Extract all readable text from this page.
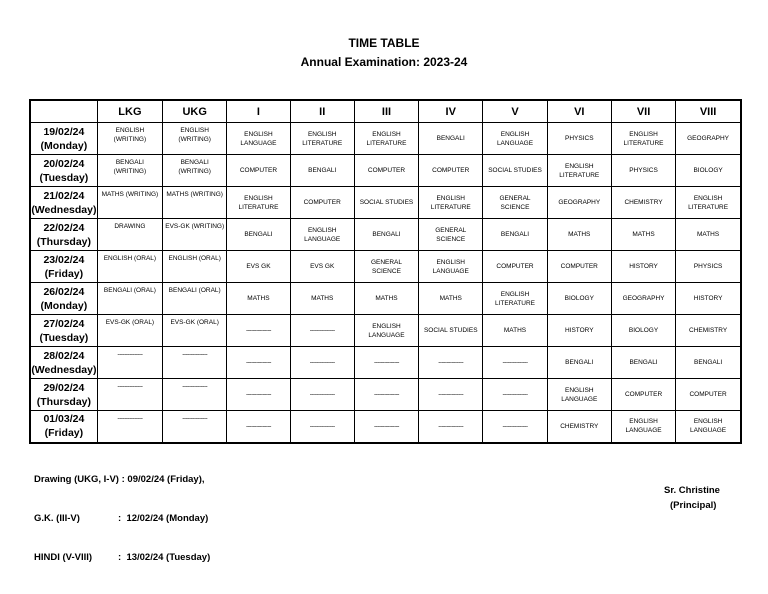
TIME TABLE
Annual Examination: 2023-24
	LKG	UKG	I	II	III	IV	V	VI	VII	VIII

19/02/24
(Monday)	ENGLISH (WRITING)	ENGLISH (WRITING)	ENGLISH LANGUAGE	ENGLISH LITERATURE	ENGLISH LITERATURE	BENGALI	ENGLISH LANGUAGE	PHYSICS	ENGLISH LITERATURE	GEOGRAPHY

20/02/24
(Tuesday)	BENGALI (WRITING)	BENGALI (WRITING)	COMPUTER	BENGALI	COMPUTER	COMPUTER	SOCIAL STUDIES	ENGLISH LITERATURE	PHYSICS	BIOLOGY

21/02/24
(Wednesday)	MATHS (WRITING)	MATHS (WRITING)	ENGLISH LITERATURE	COMPUTER	SOCIAL STUDIES	ENGLISH LITERATURE	GENERAL SCIENCE	GEOGRAPHY	CHEMISTRY	ENGLISH LITERATURE

22/02/24
(Thursday)	DRAWING	EVS-GK (WRITING)	BENGALI	ENGLISH LANGUAGE	BENGALI	GENERAL SCIENCE	BENGALI	MATHS	MATHS	MATHS

23/02/24
(Friday)	ENGLISH (ORAL)	ENGLISH (ORAL)	EVS GK	EVS GK	GENERAL SCIENCE	ENGLISH LANGUAGE	COMPUTER	COMPUTER	HISTORY	PHYSICS

26/02/24
(Monday)	BENGALI (ORAL)	BENGALI (ORAL)	MATHS	MATHS	MATHS	MATHS	ENGLISH LITERATURE	BIOLOGY	GEOGRAPHY	HISTORY

27/02/24
(Tuesday)	EVS-GK (ORAL)	EVS-GK (ORAL)	---------------	---------------	ENGLISH LANGUAGE	SOCIAL STUDIES	MATHS	HISTORY	BIOLOGY	CHEMISTRY

28/02/24
(Wednesday)	---------------	---------------	---------------	---------------	---------------	---------------	---------------	BENGALI	BENGALI	BENGALI

29/02/24
(Thursday)	---------------	---------------	---------------	---------------	---------------	---------------	---------------	ENGLISH LANGUAGE	COMPUTER	COMPUTER

01/03/24
(Friday)	---------------	---------------	---------------	---------------	---------------	---------------	---------------	CHEMISTRY	ENGLISH LANGUAGE	ENGLISH LANGUAGE

Drawing (UKG, I-V) : 09/02/24 (Friday),

G.K. (III-V)	:  12/02/24 (Monday)

HINDI (V-VIII)	:  13/02/24 (Tuesday)

Sr. Christine
(Principal)
